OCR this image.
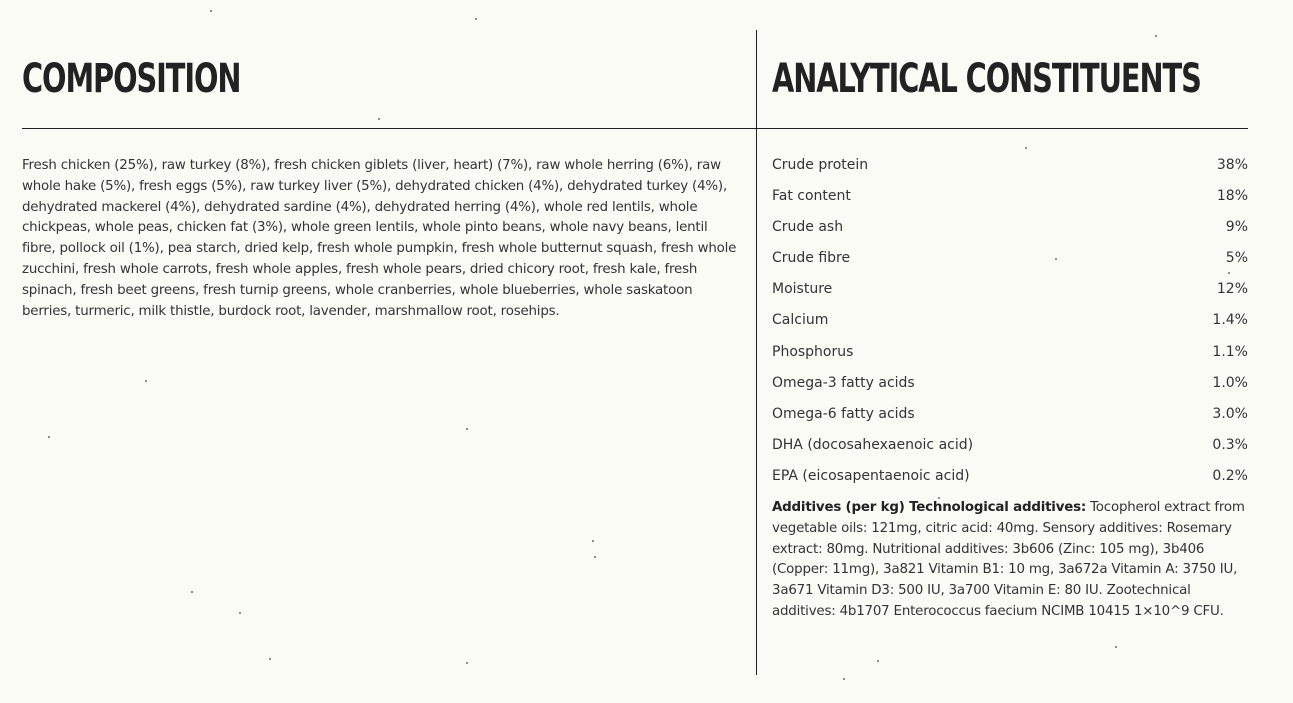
COMPOSITION

Fresh chicken (25%), raw turkey (8%), fresh chicken giblets (liver, heart) (7%), raw whole herring (6%), raw whole hake (5%), fresh eggs (5%), raw turkey liver (5%), dehydrated chicken (4%), dehydrated turkey (4%), dehydrated mackerel (4%), dehydrated sardine (4%), dehydrated herring (4%), whole red lentils, whole chickpeas, whole peas, chicken fat (3%), whole green lentils, whole pinto beans, whole navy beans, lentil fibre, pollock oil (1%), pea starch, dried kelp, fresh whole pumpkin, fresh whole butternut squash, fresh whole zucchini, fresh whole carrots, fresh whole apples, fresh whole pears, dried chicory root, fresh kale, fresh spinach, fresh beet greens, fresh turnip greens, whole cranberries, whole blueberries, whole saskatoon berries, turmeric, milk thistle, burdock root, lavender, marshmallow root, rosehips.

ANALYTICAL CONSTITUENTS
Crude protein	38%
Fat content	18%
Crude ash	9%
Crude fibre	5%
Moisture	12%
Calcium	1.4%
Phosphorus	1.1%
Omega-3 fatty acids	1.0%
Omega-6 fatty acids	3.0%
DHA (docosahexaenoic acid)	0.3%
EPA (eicosapentaenoic acid)	0.2%

Additives (per kg) Technological additives: Tocopherol extract from vegetable oils: 121mg, citric acid: 40mg. Sensory additives: Rosemary extract: 80mg. Nutritional additives: 3b606 (Zinc: 105 mg), 3b406 (Copper: 11mg), 3a821 Vitamin B1: 10 mg, 3a672a Vitamin A: 3750 IU, 3a671 Vitamin D3: 500 IU, 3a700 Vitamin E: 80 IU. Zootechnical additives: 4b1707 Enterococcus faecium NCIMB 10415 1×10^9 CFU.
